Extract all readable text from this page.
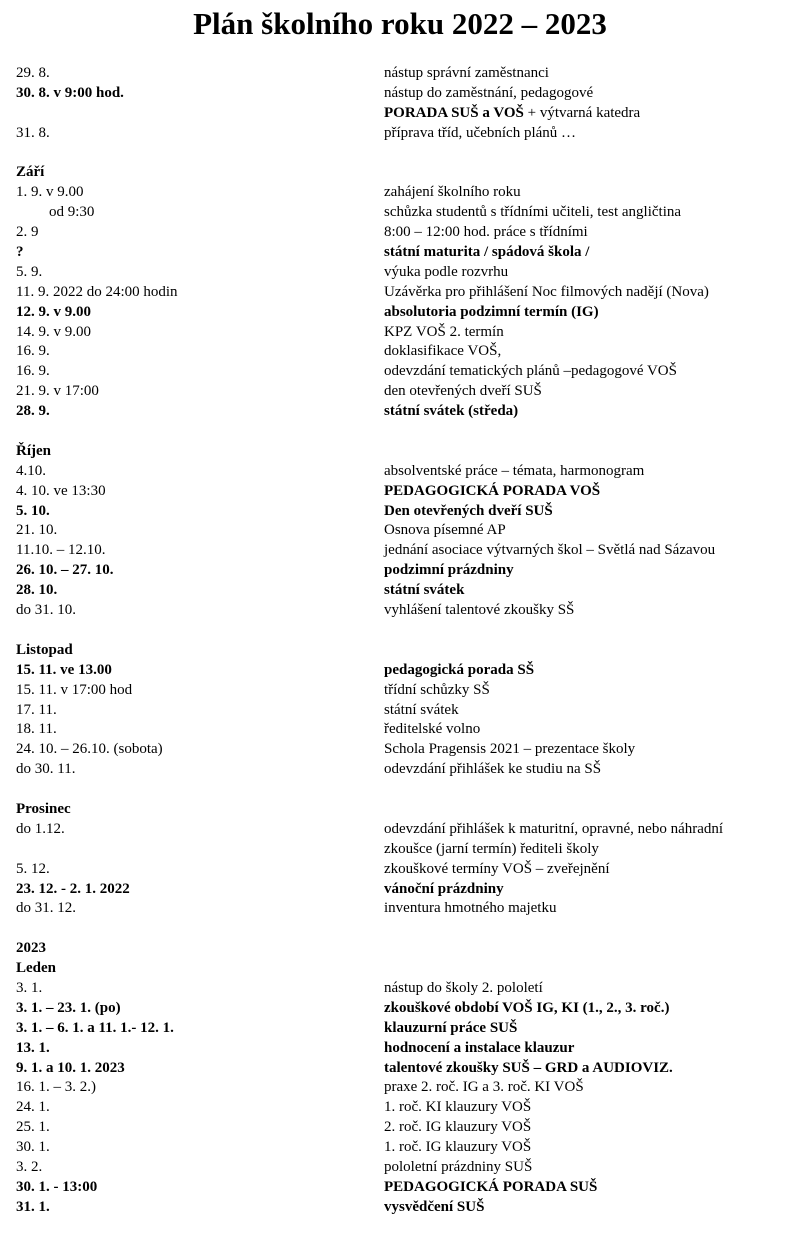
Plán školního roku 2022 – 2023
29. 8.	nástup správní zaměstnanci
30. 8. v 9:00 hod.	nástup do zaměstnání, pedagogové
PORADA SUŠ a VOŠ + výtvarná katedra
31. 8.	příprava tříd, učebních plánů …
Září
1. 9. v 9.00	zahájení školního roku
od 9:30	schůzka studentů s třídními učiteli, test angličtina
2. 9	8:00 – 12:00 hod. práce s třídními
?	státní maturita / spádová škola /
5. 9.	výuka podle rozvrhu
11. 9. 2022 do 24:00 hodin	Uzávěrka pro přihlášení Noc filmových nadějí (Nova)
12. 9. v 9.00	absolutoria podzimní termín (IG)
14. 9. v 9.00	KPZ VOŠ 2. termín
16. 9.	doklasifikace VOŠ,
16. 9.	odevzdání tematických plánů –pedagogové VOŠ
21. 9. v 17:00	den otevřených dveří SUŠ
28. 9.	státní svátek (středa)
Říjen
4.10.	absolventské práce – témata, harmonogram
4. 10. ve 13:30	PEDAGOGICKÁ PORADA VOŠ
5. 10.	Den otevřených dveří SUŠ
21. 10.	Osnova písemné AP
11.10. – 12.10.	jednání asociace výtvarných škol – Světlá nad Sázavou
26. 10. – 27. 10.	podzimní prázdniny
28. 10.	státní svátek
do 31. 10.	vyhlášení talentové zkoušky SŠ
Listopad
15. 11. ve 13.00	pedagogická porada SŠ
15. 11. v 17:00 hod	třídní schůzky SŠ
17. 11.	státní svátek
18. 11.	ředitelské volno
24. 10. – 26.10. (sobota)	Schola Pragensis 2021 – prezentace školy
do 30. 11.	odevzdání přihlášek ke studiu na SŠ
Prosinec
do 1.12.	odevzdání přihlášek k maturitní, opravné, nebo náhradní
zkoušce (jarní termín) řediteli školy
5. 12.	zkouškové termíny VOŠ – zveřejnění
23. 12. - 2. 1. 2022	vánoční prázdniny
do 31. 12.	inventura hmotného majetku
2023
Leden
3. 1.	nástup do školy 2. pololetí
3. 1. – 23. 1. (po)	zkouškové období VOŠ IG, KI (1., 2., 3. roč.)
3. 1. – 6. 1. a 11. 1.- 12. 1.	klauzurní práce SUŠ
13. 1.	hodnocení a instalace klauzur
9. 1. a 10. 1. 2023	talentové zkoušky SUŠ – GRD a AUDIOVIZ.
16. 1. – 3. 2.)	praxe 2. roč. IG a 3. roč. KI VOŠ
24. 1.	1. roč. KI klauzury VOŠ
25. 1.	2. roč. IG klauzury VOŠ
30. 1.	1. roč. IG klauzury VOŠ
3. 2.	pololetní prázdniny SUŠ
30. 1. - 13:00	PEDAGOGICKÁ PORADA SUŠ
31. 1.	vysvědčení SUŠ
